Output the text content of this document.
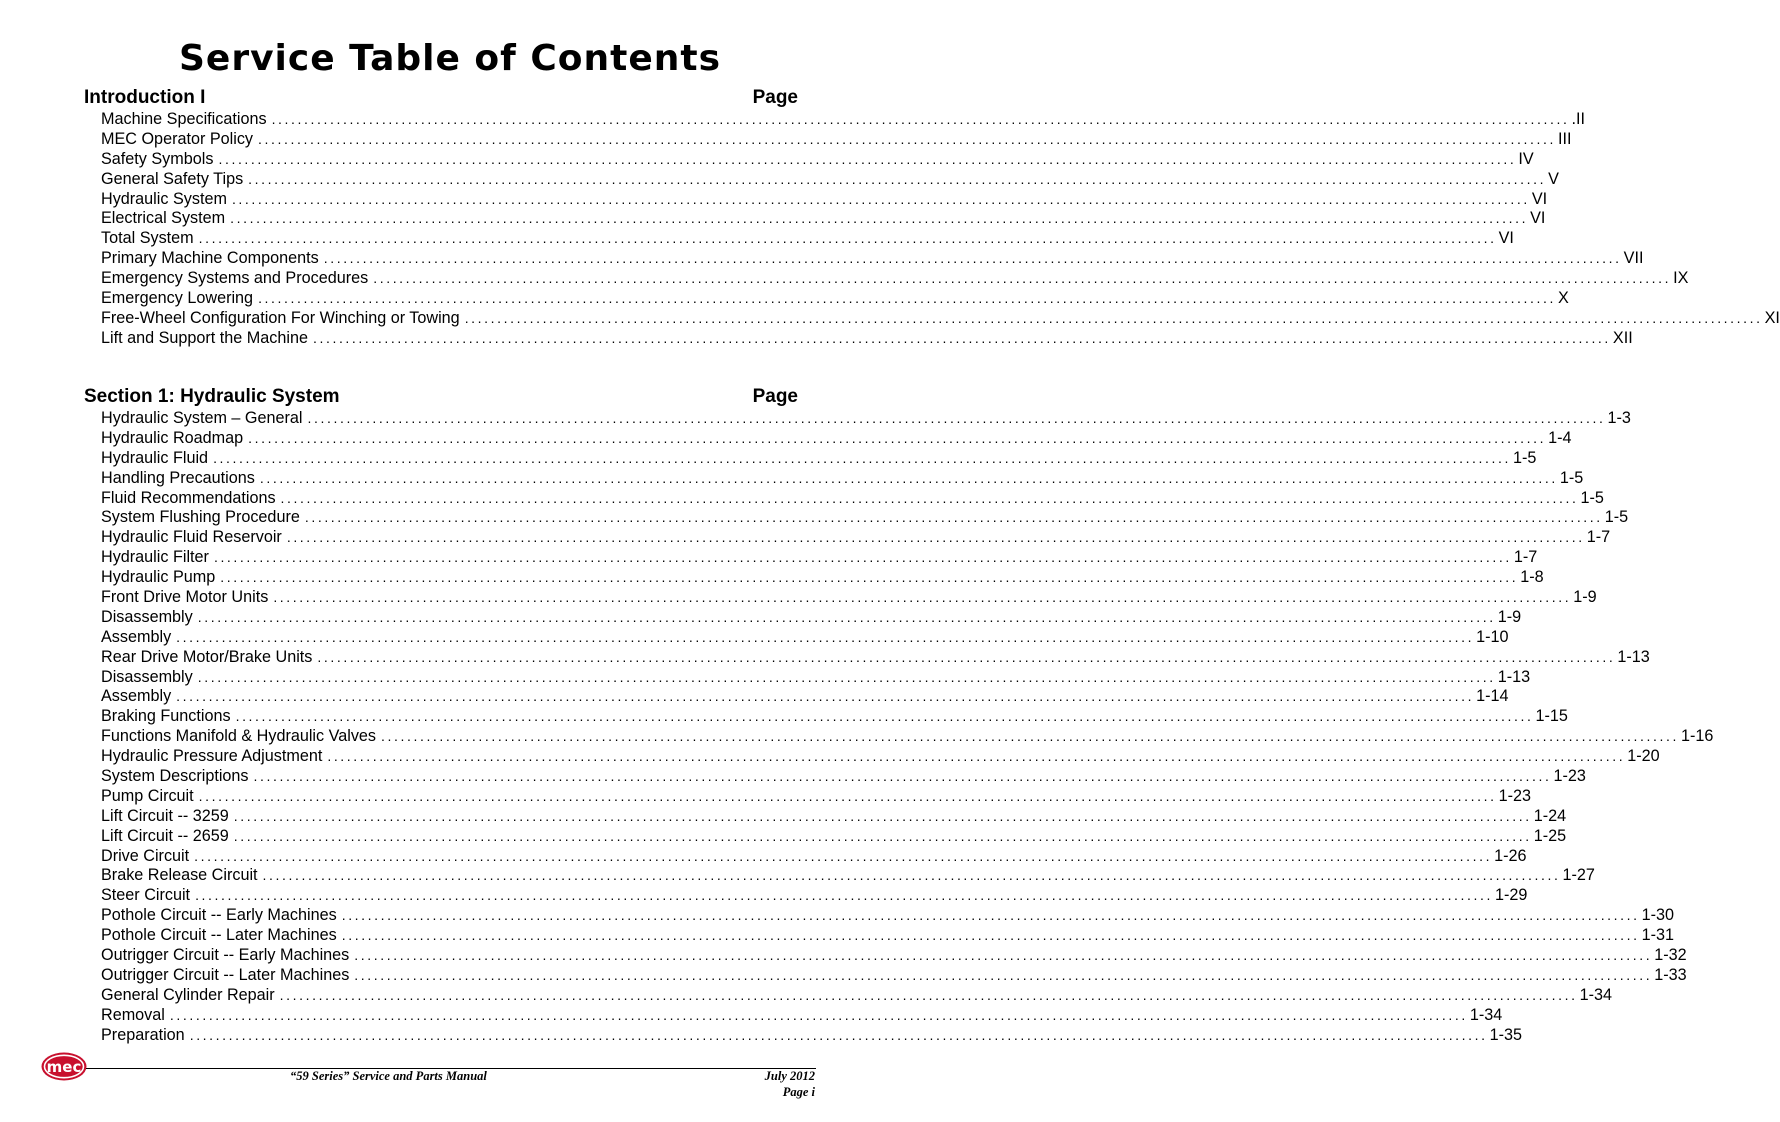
Service Table of Contents
Introduction I	Page
Machine Specifications ........................................................................................................................................................................................................ .II
MEC Operator Policy ........................................................................................................................................................................................................ III
Safety Symbols ........................................................................................................................................................................................................ IV
General Safety Tips ........................................................................................................................................................................................................ V
Hydraulic System ........................................................................................................................................................................................................ VI
Electrical System ........................................................................................................................................................................................................ VI
Total System ........................................................................................................................................................................................................ VI
Primary Machine Components ........................................................................................................................................................................................................ VII
Emergency Systems and Procedures ........................................................................................................................................................................................................ IX
Emergency Lowering ........................................................................................................................................................................................................ X
Free-Wheel Configuration For Winching or Towing ........................................................................................................................................................................................................ XI
Lift and Support the Machine ........................................................................................................................................................................................................ XII
Section 1: Hydraulic System	Page
Hydraulic System – General ........................................................................................................................................................................................................ 1-3
Hydraulic Roadmap ........................................................................................................................................................................................................ 1-4
Hydraulic Fluid ........................................................................................................................................................................................................ 1-5
Handling Precautions ........................................................................................................................................................................................................ 1-5
Fluid Recommendations ........................................................................................................................................................................................................ 1-5
System Flushing Procedure ........................................................................................................................................................................................................ 1-5
Hydraulic Fluid Reservoir ........................................................................................................................................................................................................ 1-7
Hydraulic Filter ........................................................................................................................................................................................................ 1-7
Hydraulic Pump ........................................................................................................................................................................................................ 1-8
Front Drive Motor Units ........................................................................................................................................................................................................ 1-9
Disassembly ........................................................................................................................................................................................................ 1-9
Assembly ........................................................................................................................................................................................................ 1-10
Rear Drive Motor/Brake Units ........................................................................................................................................................................................................ 1-13
Disassembly ........................................................................................................................................................................................................ 1-13
Assembly ........................................................................................................................................................................................................ 1-14
Braking Functions ........................................................................................................................................................................................................ 1-15
Functions Manifold & Hydraulic Valves ........................................................................................................................................................................................................ 1-16
Hydraulic Pressure Adjustment ........................................................................................................................................................................................................ 1-20
System Descriptions ........................................................................................................................................................................................................ 1-23
Pump Circuit ........................................................................................................................................................................................................ 1-23
Lift Circuit -- 3259 ........................................................................................................................................................................................................ 1-24
Lift Circuit -- 2659 ........................................................................................................................................................................................................ 1-25
Drive Circuit ........................................................................................................................................................................................................ 1-26
Brake Release Circuit ........................................................................................................................................................................................................ 1-27
Steer Circuit ........................................................................................................................................................................................................ 1-29
Pothole Circuit -- Early Machines ........................................................................................................................................................................................................ 1-30
Pothole Circuit -- Later Machines ........................................................................................................................................................................................................ 1-31
Outrigger Circuit -- Early Machines ........................................................................................................................................................................................................ 1-32
Outrigger Circuit -- Later Machines ........................................................................................................................................................................................................ 1-33
General Cylinder Repair ........................................................................................................................................................................................................ 1-34
Removal ........................................................................................................................................................................................................ 1-34
Preparation ........................................................................................................................................................................................................ 1-35
mec	“59 Series” Service and Parts Manual	July 2012
Page i
